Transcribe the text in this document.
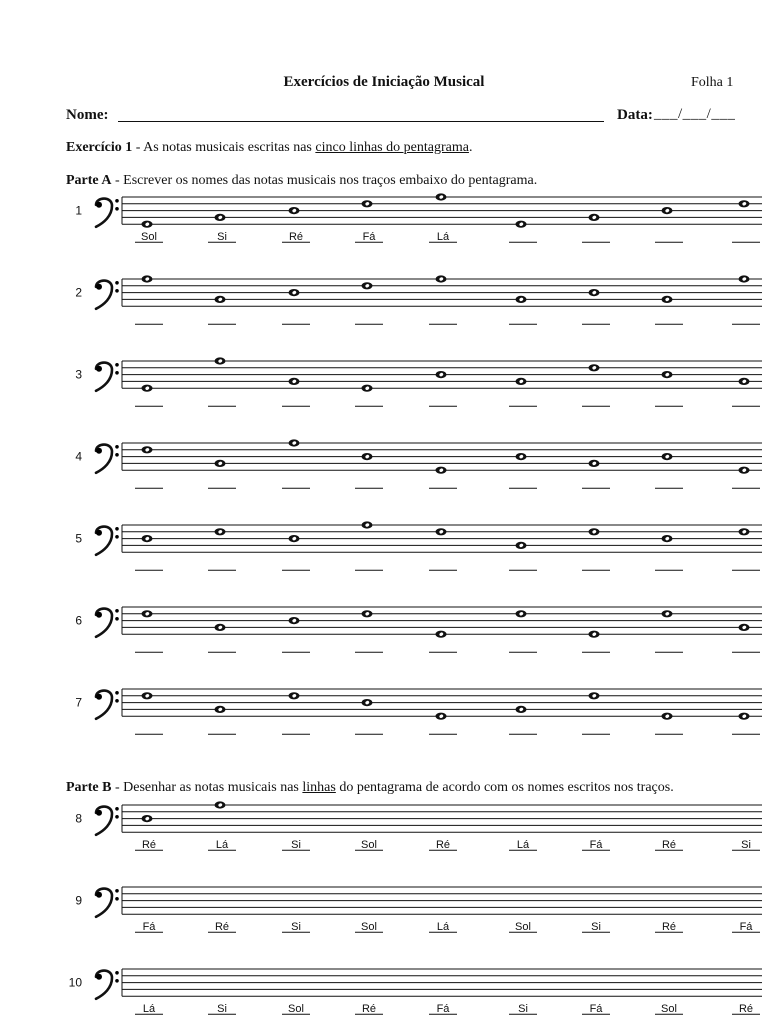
Exercícios de Iniciação Musical	Folha 1
Nome:	Data: ___/___/___
Exercício 1 - As notas musicais escritas nas cinco linhas do pentagrama.
Parte A - Escrever os nomes das notas musicais nos traços embaixo do pentagrama.
Parte B - Desenhar as notas musicais nas linhas do pentagrama de acordo com os nomes escritos nos traços.
1
Sol	Si	Ré	Fá	Lá
2
3
4
5
6
7
8
Ré	Lá	Si	Sol	Ré	Lá	Fá	Ré	Si
9
Fá	Ré	Si	Sol	Lá	Sol	Si	Ré	Fá
10
Lá	Si	Sol	Ré	Fá	Si	Fá	Sol	Ré
